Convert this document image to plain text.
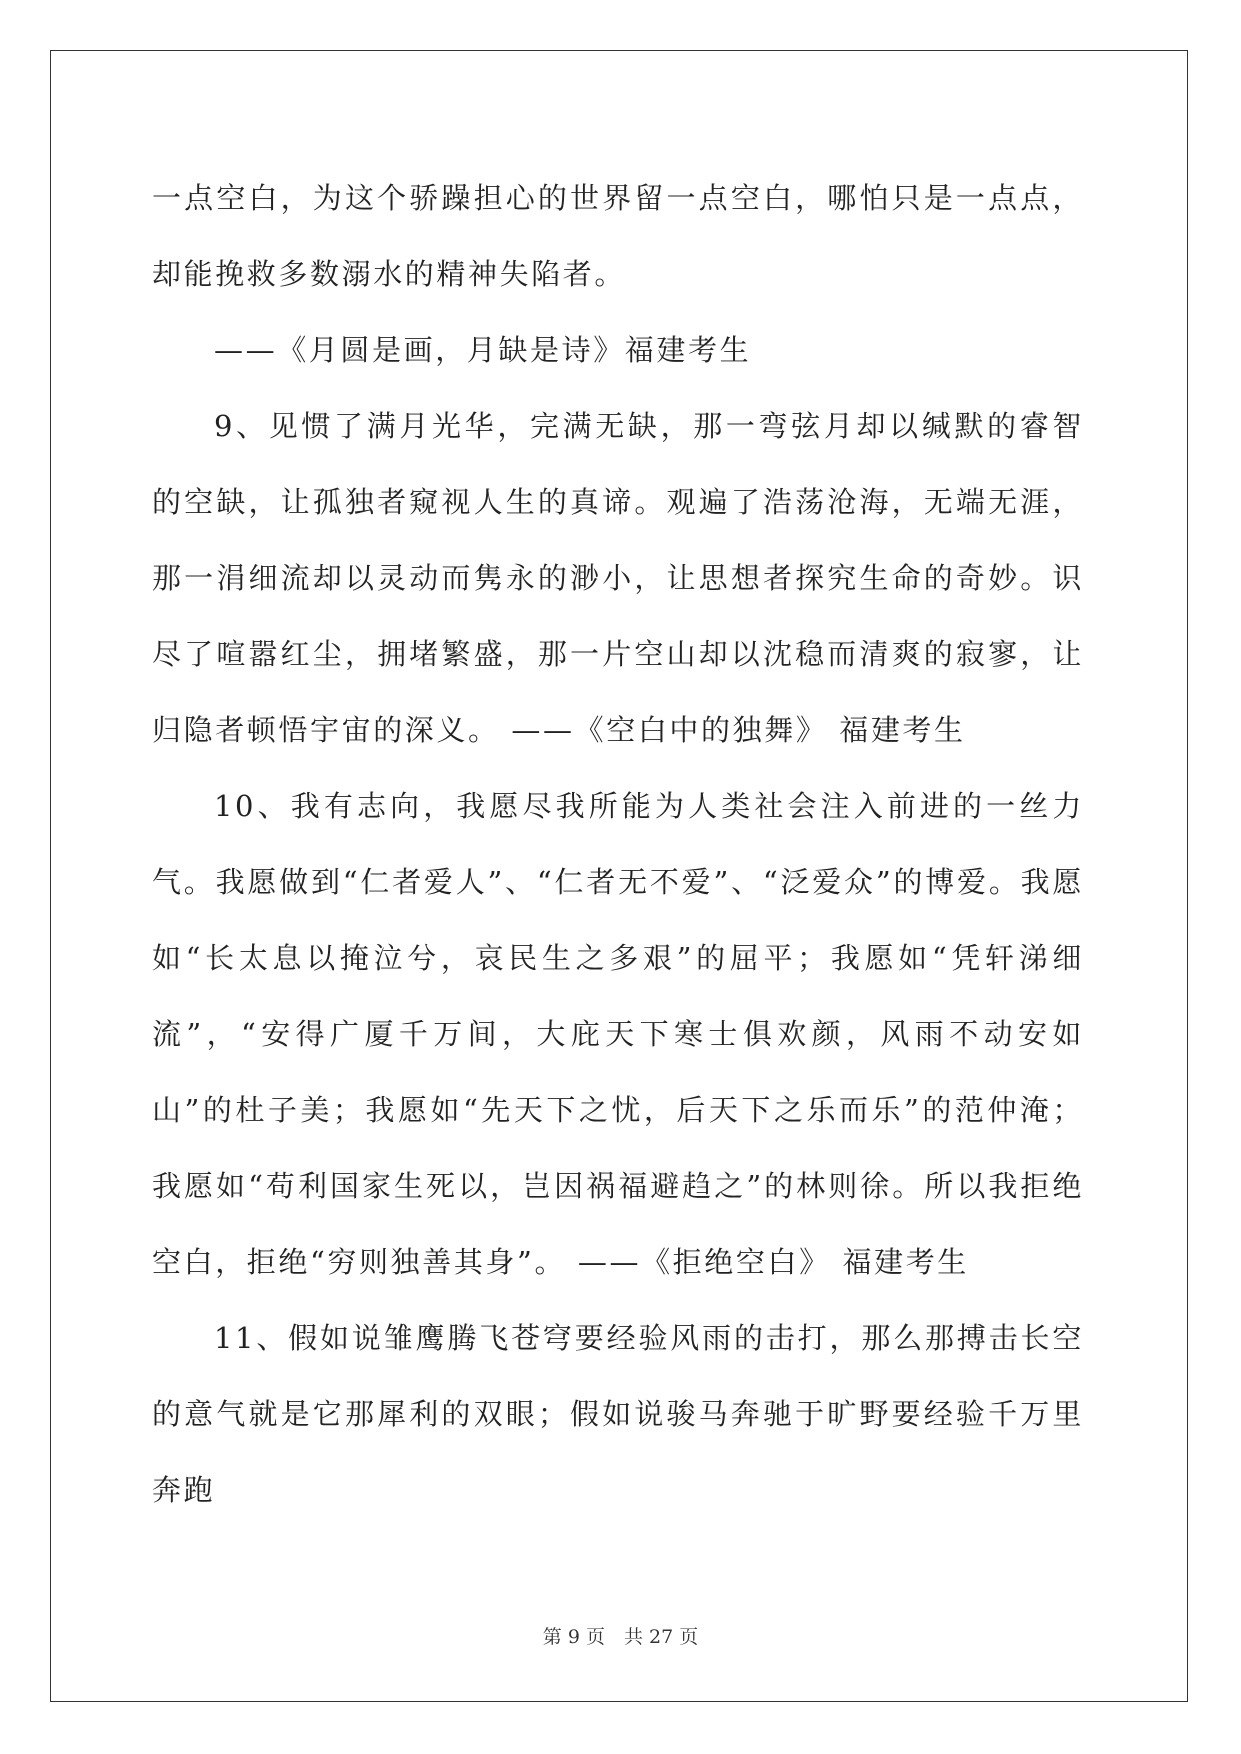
一点空白，为这个骄躁担心的世界留一点空白，哪怕只是一点点，却能挽救多数溺水的精神失陷者。

——《月圆是画，月缺是诗》福建考生

9、见惯了满月光华，完满无缺，那一弯弦月却以缄默的睿智的空缺，让孤独者窥视人生的真谛。观遍了浩荡沧海，无端无涯，那一涓细流却以灵动而隽永的渺小，让思想者探究生命的奇妙。识尽了喧嚣红尘，拥堵繁盛，那一片空山却以沈稳而清爽的寂寥，让归隐者顿悟宇宙的深义。 ——《空白中的独舞》 福建考生

10、我有志向，我愿尽我所能为人类社会注入前进的一丝力气。我愿做到“仁者爱人”、“仁者无不爱”、“泛爱众”的博爱。我愿如“长太息以掩泣兮，哀民生之多艰”的屈平；我愿如“凭轩涕细流”，“安得广厦千万间，大庇天下寒士俱欢颜，风雨不动安如山”的杜子美；我愿如“先天下之忧，后天下之乐而乐”的范仲淹；我愿如“苟利国家生死以，岂因祸福避趋之”的林则徐。所以我拒绝空白，拒绝“穷则独善其身”。 ——《拒绝空白》 福建考生

11、假如说雏鹰腾飞苍穹要经验风雨的击打，那么那搏击长空的意气就是它那犀利的双眼；假如说骏马奔驰于旷野要经验千万里奔跑

第 9 页　共 27 页
